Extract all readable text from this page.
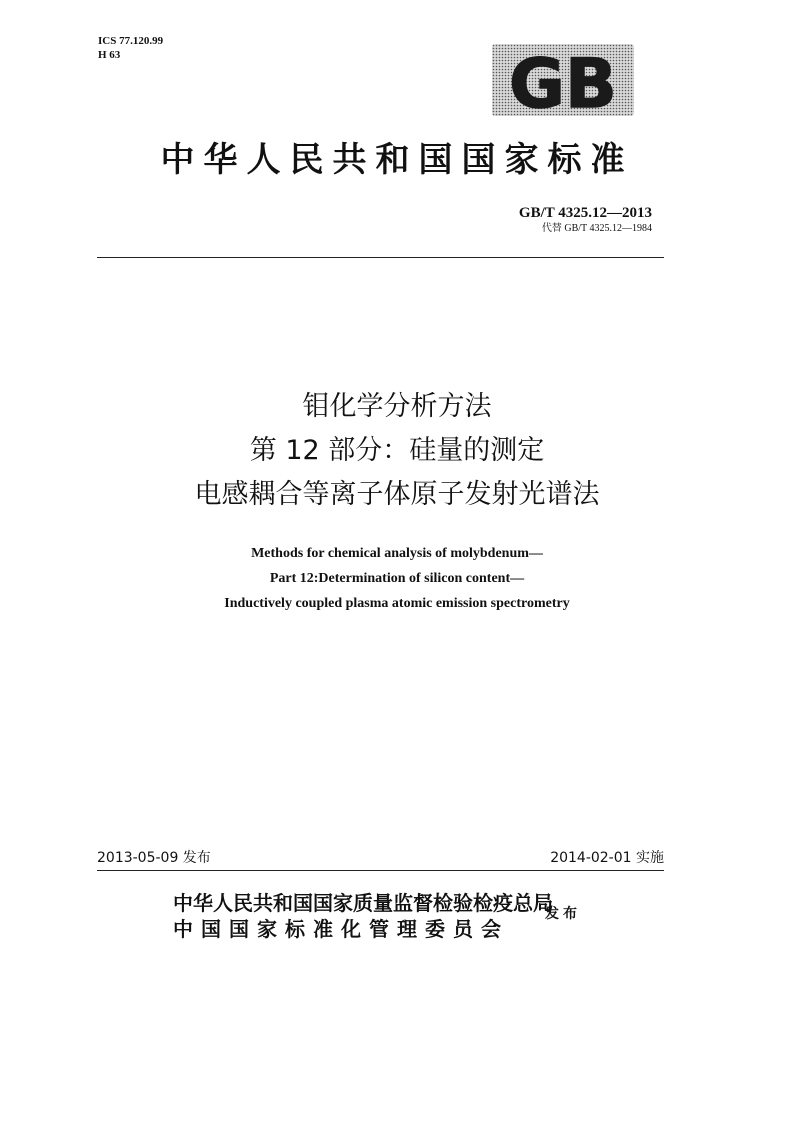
ICS 77.120.99
H 63	GB
中华人民共和国国家标准
GB/T 4325.12—2013
代替 GB/T 4325.12—1984
钼化学分析方法
第 12 部分：硅量的测定
电感耦合等离子体原子发射光谱法
Methods for chemical analysis of molybdenum—
Part 12:Determination of silicon content—
Inductively coupled plasma atomic emission spectrometry
2013-05-09 发布	2014-02-01 实施
中华人民共和国国家质量监督检验检疫总局
中国国家标准化管理委员会
发布
